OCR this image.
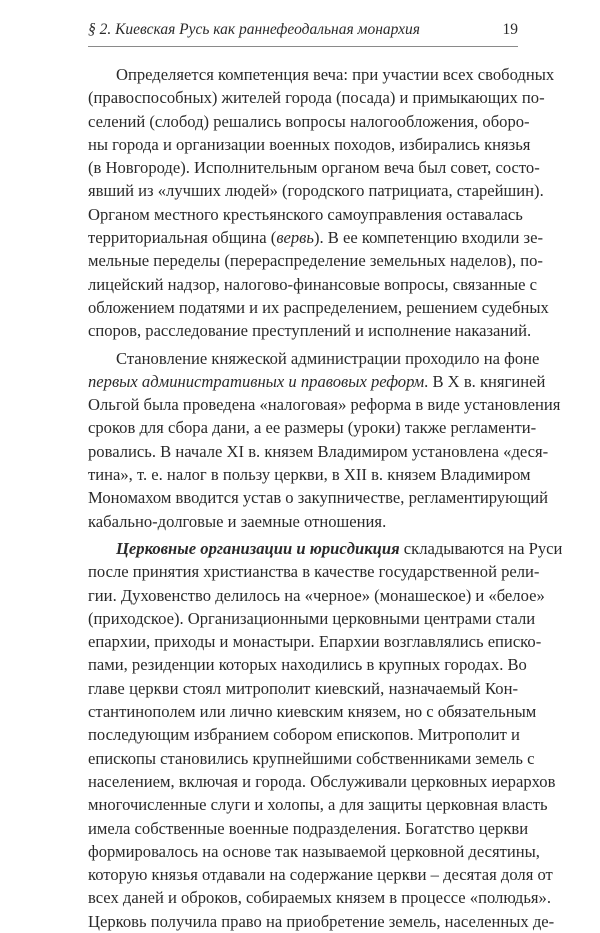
§ 2. Киевская Русь как раннефеодальная монархия	19
Определяется компетенция веча: при участии всех свободных
(правоспособных) жителей города (посада) и примыкающих по-
селений (слобод) решались вопросы налогообложения, оборо-
ны города и организации военных походов, избирались князья
(в Новгороде). Исполнительным органом веча был совет, состо-
явший из «лучших людей» (городского патрициата, старейшин).
Органом местного крестьянского самоуправления оставалась
территориальная община (вервь). В ее компетенцию входили зе-
мельные переделы (перераспределение земельных наделов), по-
лицейский надзор, налогово-финансовые вопросы, связанные с
обложением податями и их распределением, решением судебных
споров, расследование преступлений и исполнение наказаний.
Становление княжеской администрации проходило на фоне
первых административных и правовых реформ. В X в. княгиней
Ольгой была проведена «налоговая» реформа в виде установления
сроков для сбора дани, а ее размеры (уроки) также регламенти-
ровались. В начале XI в. князем Владимиром установлена «деся-
тина», т. е. налог в пользу церкви, в XII в. князем Владимиром
Мономахом вводится устав о закупничестве, регламентирующий
кабально-долговые и заемные отношения.
Церковные организации и юрисдикция складываются на Руси
после принятия христианства в качестве государственной рели-
гии. Духовенство делилось на «черное» (монашеское) и «белое»
(приходское). Организационными церковными центрами стали
епархии, приходы и монастыри. Епархии возглавлялись еписко-
пами, резиденции которых находились в крупных городах. Во
главе церкви стоял митрополит киевский, назначаемый Кон-
стантинополем или лично киевским князем, но с обязательным
последующим избранием собором епископов. Митрополит и
епископы становились крупнейшими собственниками земель с
населением, включая и города. Обслуживали церковных иерархов
многочисленные слуги и холопы, а для защиты церковная власть
имела собственные военные подразделения. Богатство церкви
формировалось на основе так называемой церковной десятины,
которую князья отдавали на содержание церкви – десятая доля от
всех даней и оброков, собираемых князем в процессе «полюдья».
Церковь получила право на приобретение земель, населенных де-
